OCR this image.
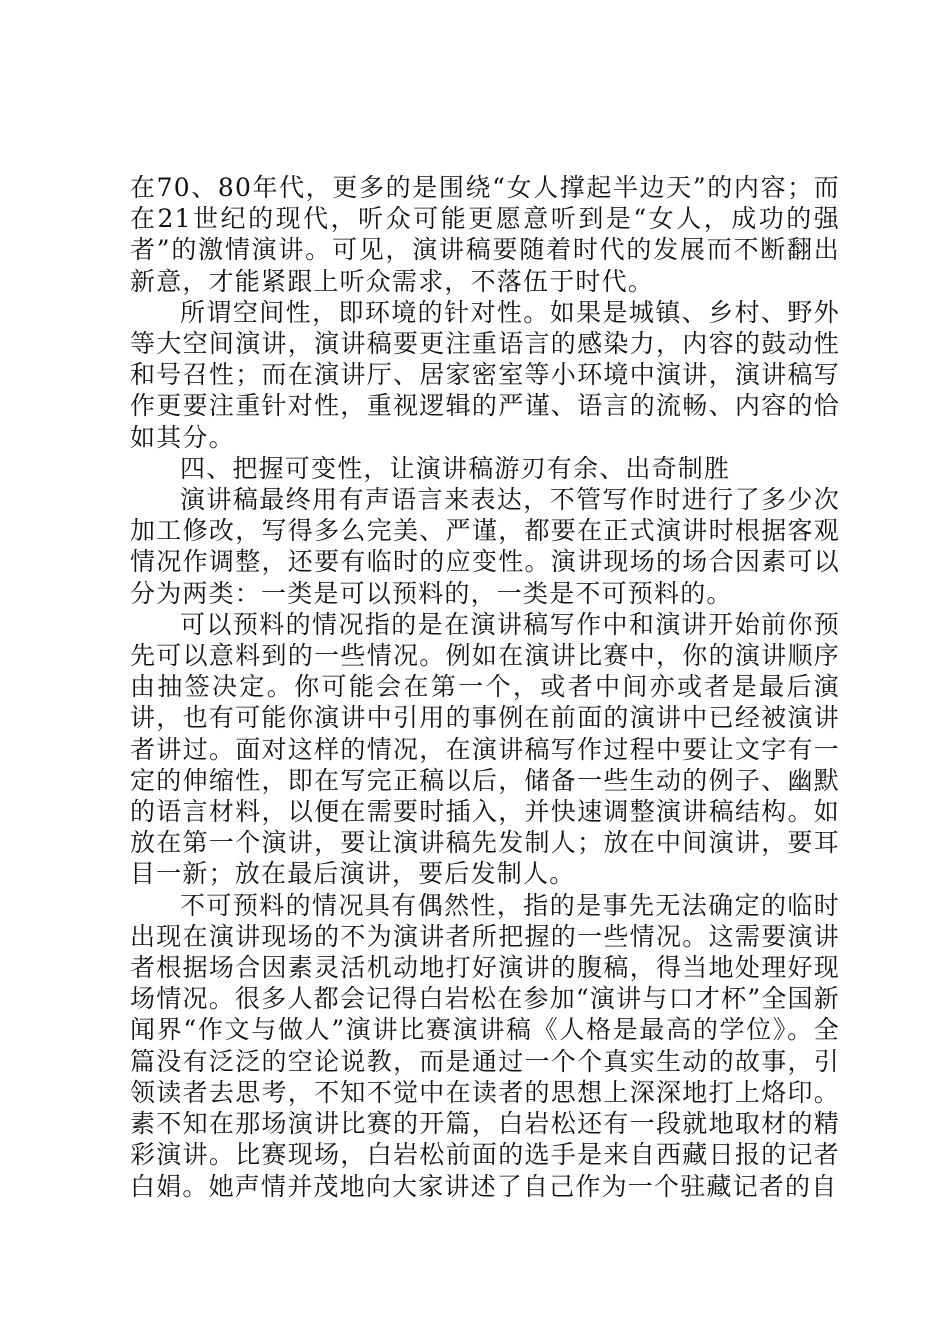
在70、80年代，更多的是围绕“女人撑起半边天”的内容；而在21世纪的现代，听众可能更愿意听到是“女人，成功的强者”的激情演讲。可见，演讲稿要随着时代的发展而不断翻出新意，才能紧跟上听众需求，不落伍于时代。

所谓空间性，即环境的针对性。如果是城镇、乡村、野外等大空间演讲，演讲稿要更注重语言的感染力，内容的鼓动性和号召性；而在演讲厅、居家密室等小环境中演讲，演讲稿写作更要注重针对性，重视逻辑的严谨、语言的流畅、内容的恰如其分。

四、把握可变性，让演讲稿游刃有余、出奇制胜

演讲稿最终用有声语言来表达，不管写作时进行了多少次加工修改，写得多么完美、严谨，都要在正式演讲时根据客观情况作调整，还要有临时的应变性。演讲现场的场合因素可以分为两类：一类是可以预料的，一类是不可预料的。

可以预料的情况指的是在演讲稿写作中和演讲开始前你预先可以意料到的一些情况。例如在演讲比赛中，你的演讲顺序由抽签决定。你可能会在第一个，或者中间亦或者是最后演讲，也有可能你演讲中引用的事例在前面的演讲中已经被演讲者讲过。面对这样的情况，在演讲稿写作过程中要让文字有一定的伸缩性，即在写完正稿以后，储备一些生动的例子、幽默的语言材料，以便在需要时插入，并快速调整演讲稿结构。如放在第一个演讲，要让演讲稿先发制人；放在中间演讲，要耳目一新；放在最后演讲，要后发制人。

不可预料的情况具有偶然性，指的是事先无法确定的临时出现在演讲现场的不为演讲者所把握的一些情况。这需要演讲者根据场合因素灵活机动地打好演讲的腹稿，得当地处理好现场情况。很多人都会记得白岩松在参加“演讲与口才杯”全国新闻界“作文与做人”演讲比赛演讲稿《人格是最高的学位》。全篇没有泛泛的空论说教，而是通过一个个真实生动的故事，引领读者去思考，不知不觉中在读者的思想上深深地打上烙印。素不知在那场演讲比赛的开篇，白岩松还有一段就地取材的精彩演讲。比赛现场，白岩松前面的选手是来自西藏日报的记者白娟。她声情并茂地向大家讲述了自己作为一个驻藏记者的自
